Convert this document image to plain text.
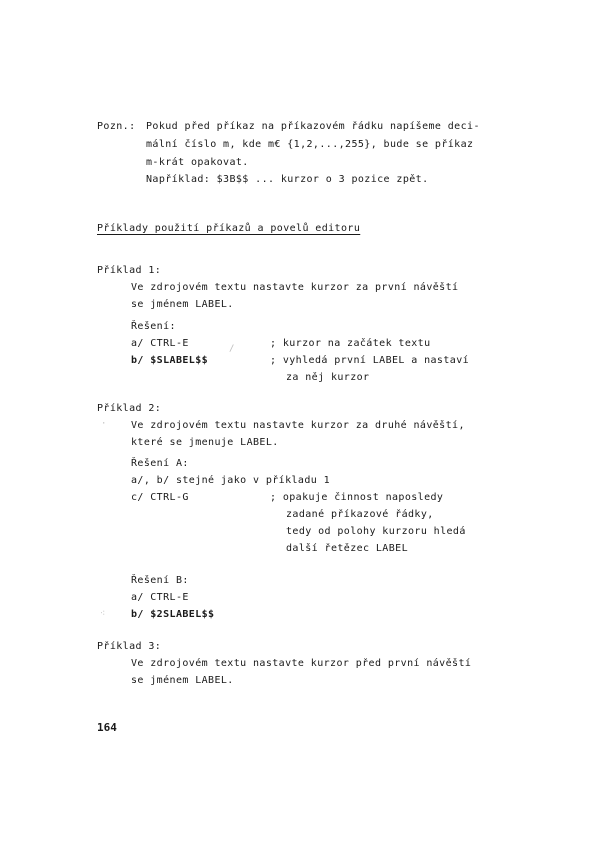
Pozn.: Pokud před příkaz na příkazovém řádku napíšeme deci-
mální číslo m, kde m€ {1,2,...,255}, bude se příkaz
m-krát opakovat.
Například: $3B$$ ... kurzor o 3 pozice zpět.
Příklady použití příkazů a povelů editoru
Příklad 1:
Ve zdrojovém textu nastavte kurzor za první návěští
se jménem LABEL.
Řešení:
a/ CTRL-E	; kurzor na začátek textu
b/ $SLABEL$$	; vyhledá první LABEL a nastaví
za něj kurzor
Příklad 2:
Ve zdrojovém textu nastavte kurzor za druhé návěští,
které se jmenuje LABEL.
Řešení A:
a/, b/ stejné jako v příkladu 1
c/ CTRL-G	; opakuje činnost naposledy
zadané příkazové řádky,
tedy od polohy kurzoru hledá
další řetězec LABEL
Řešení B:
a/ CTRL-E
b/ $2SLABEL$$
Příklad 3:
Ve zdrojovém textu nastavte kurzor před první návěští
se jménem LABEL.
164
/
⁖
·
